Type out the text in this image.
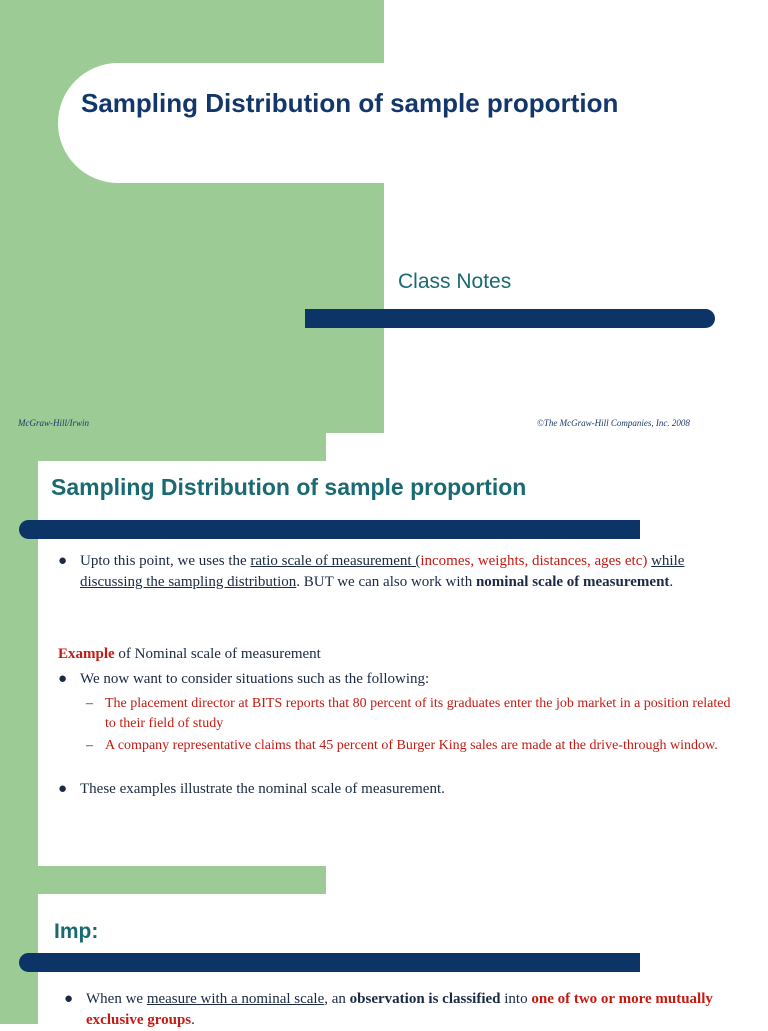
Sampling Distribution of sample proportion
Class Notes
McGraw-Hill/Irwin	©The McGraw-Hill Companies, Inc. 2008
Sampling Distribution of sample proportion
● Upto this point, we uses the ratio scale of measurement (incomes, weights, distances, ages etc) while discussing the sampling distribution. BUT we can also work with nominal scale of measurement.
Example of Nominal scale of measurement
● We now want to consider situations such as the following:
– The placement director at BITS reports that 80 percent of its graduates enter the job market in a position related to their field of study
– A company representative claims that 45 percent of Burger King sales are made at the drive-through window.
● These examples illustrate the nominal scale of measurement.
Imp:
● When we measure with a nominal scale, an observation is classified into one of two or more mutually exclusive groups.
